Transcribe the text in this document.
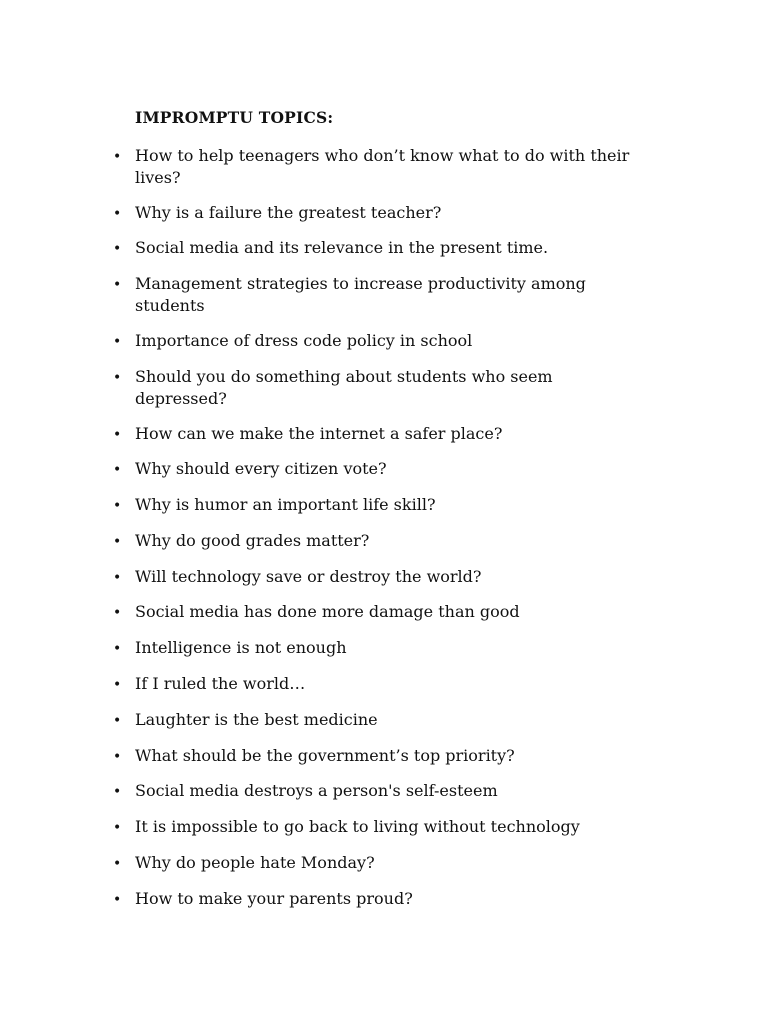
IMPROMPTU TOPICS:
• How to help teenagers who don’t know what to do with their lives?
• Why is a failure the greatest teacher?
• Social media and its relevance in the present time.
• Management strategies to increase productivity among students
• Importance of dress code policy in school
• Should you do something about students who seem depressed?
• How can we make the internet a safer place?
• Why should every citizen vote?
• Why is humor an important life skill?
• Why do good grades matter?
• Will technology save or destroy the world?
• Social media has done more damage than good
• Intelligence is not enough
• If I ruled the world…
• Laughter is the best medicine
• What should be the government’s top priority?
• Social media destroys a person's self-esteem
• It is impossible to go back to living without technology
• Why do people hate Monday?
• How to make your parents proud?
